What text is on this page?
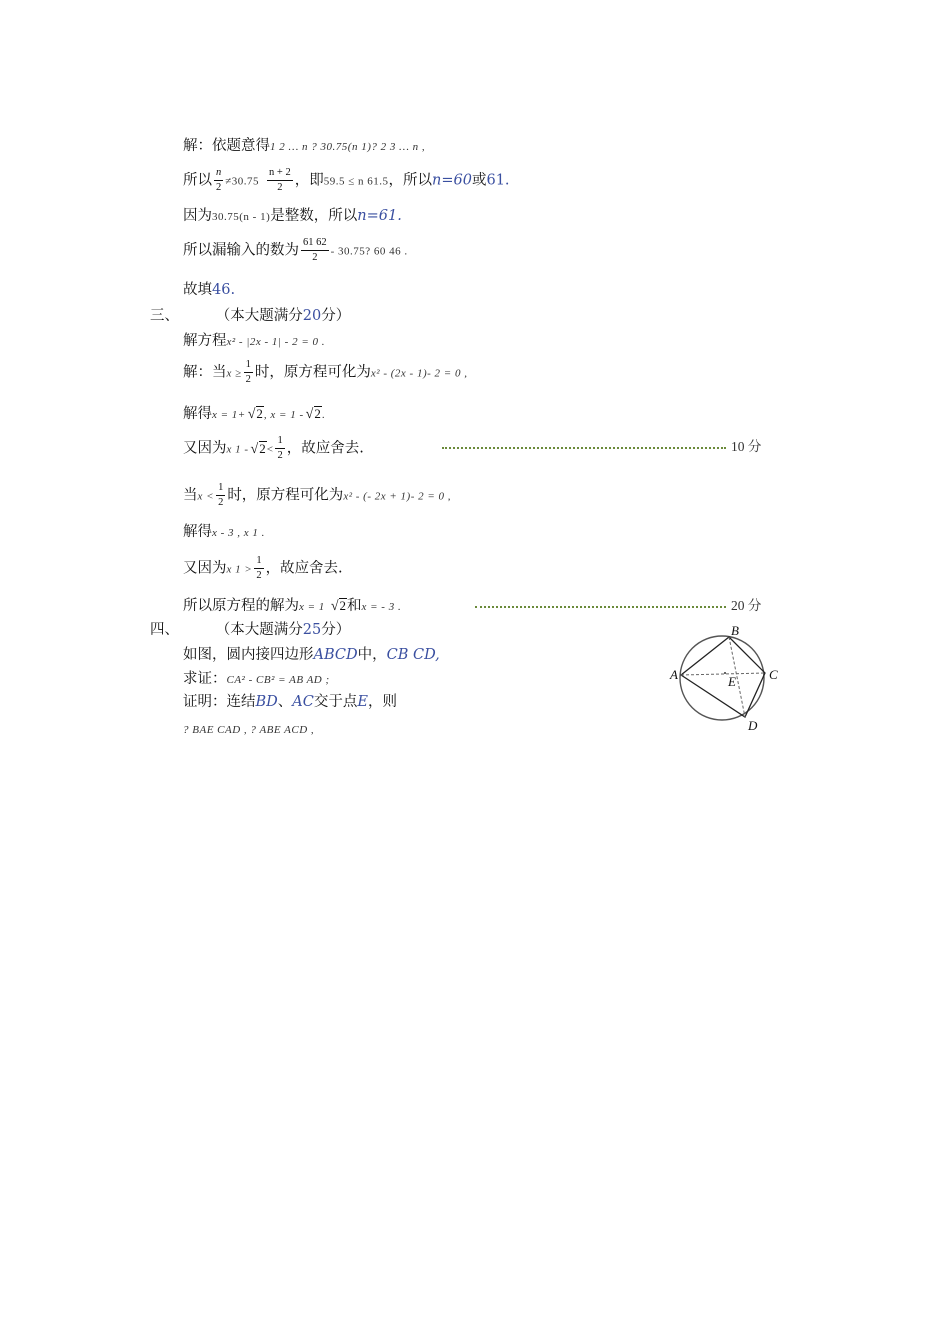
解：依题意得1 2 … n ? 30.75(n 1)? 2 3 … n ,
所以 $\frac{n}{2} \ne 30.75 \frac{n + 2}{2}$ ，即59.5 ≤ n 61.5，所以n=60或61.
因为30.75(n - 1)是整数，所以n=61.
所以漏输入的数为 $\frac{61 62}{2} - 30.75$? 60 46 .
故填46.
三、	（本大题满分20分）
解方程x² - |2x - 1| - 2 = 0 .
解：当$x \ge \frac{1}{2}$ 时，原方程可化为x² - (2x - 1)- 2 = 0 ,
解得x = 1+ √ 2, x = 1 - √ 2.
又因为x 1 - √ $2< \frac{1}{2}$ ，故应舍去.	10 分
当$x < \frac{1}{2}$ 时，原方程可化为x² - (- 2x + 1)- 2 = 0 ,
解得x - 3 , x 1 .
又因为x $1 > \frac{1}{2}$ ，故应舍去.
所以原方程的解为x = 1 √ 2和x = - 3 .	20 分
四、	（本大题满分25分）
如图，圆内接四边形ABCD中，CB CD,
求证：CA² - CB² = AB AD ;
证明：连结BD、AC交于点E，则
? BAE CAD , ? ABE ACD ,
A
B
C
D
E
